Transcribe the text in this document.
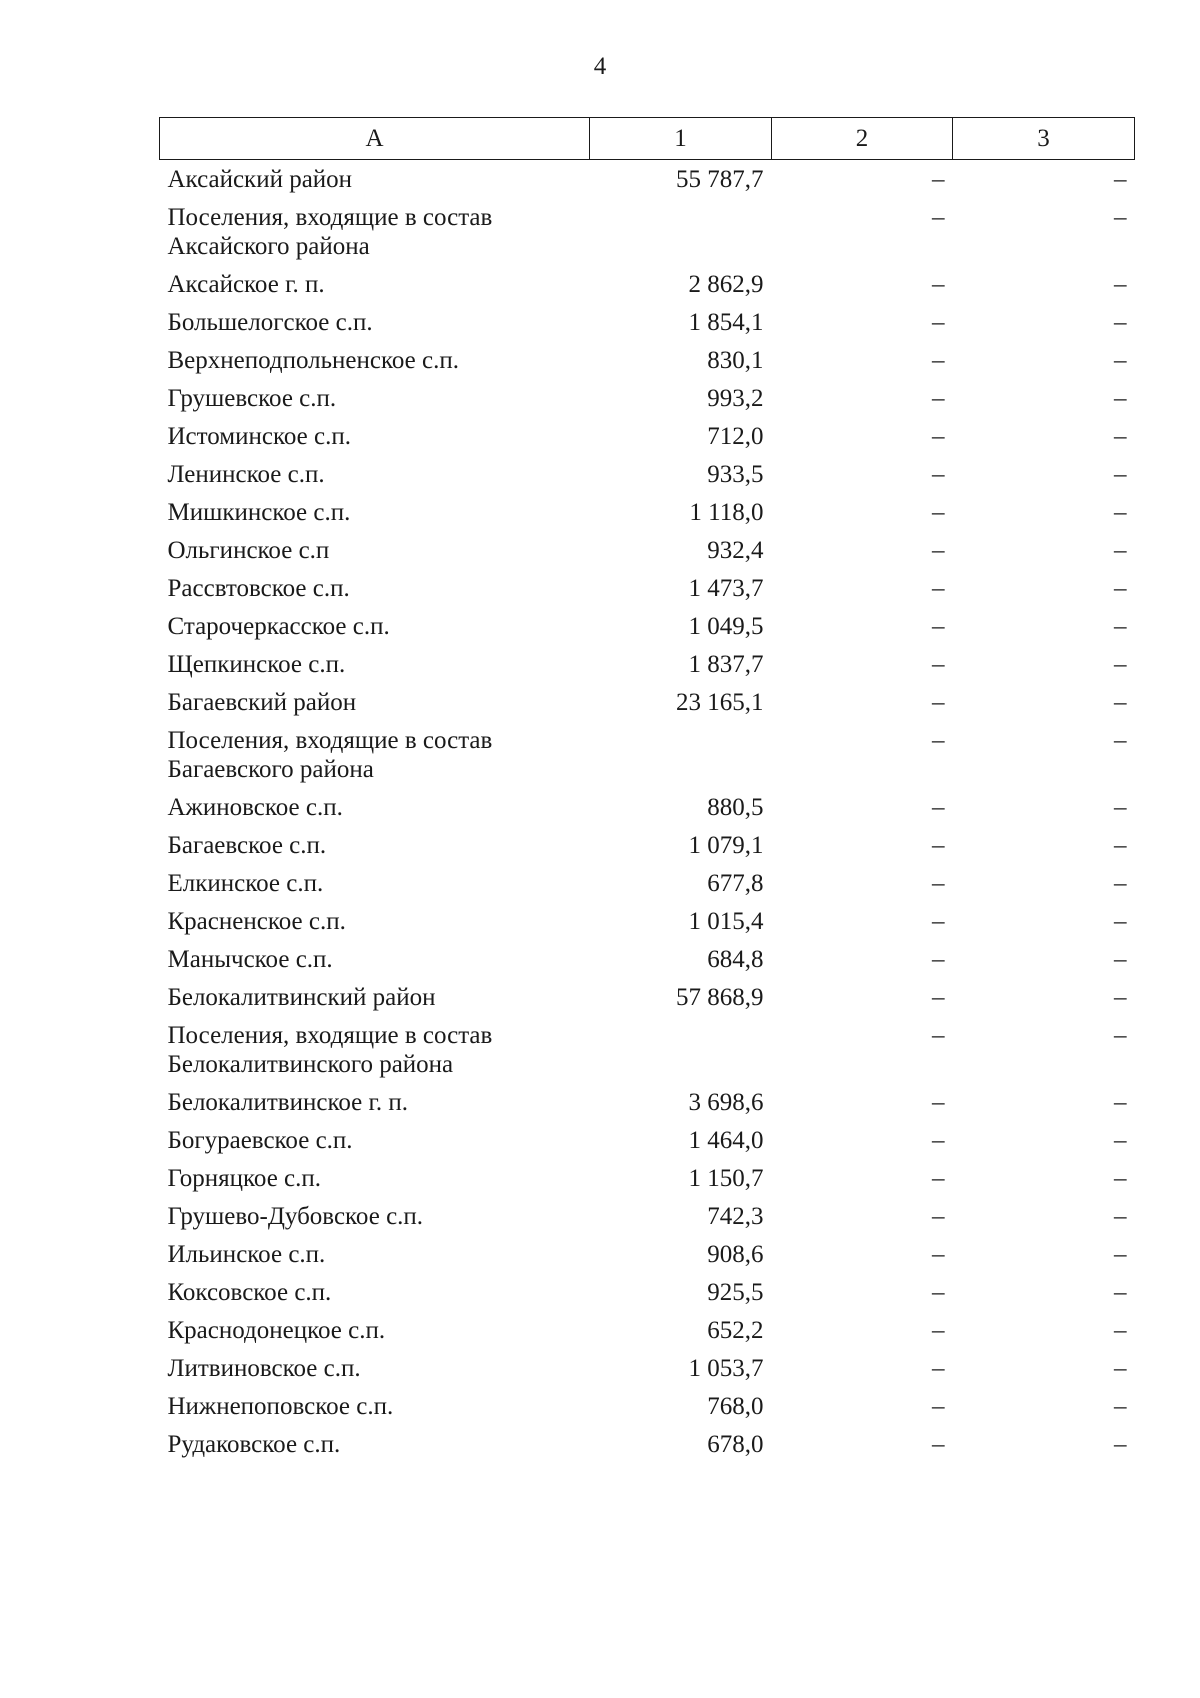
4
А	1	2	3
Аксайский район	55 787,7	–	–
Поселения, входящие в состав Аксайского района		–	–
Аксайское г. п.	2 862,9	–	–
Большелогское с.п.	1 854,1	–	–
Верхнеподпольненское с.п.	830,1	–	–
Грушевское с.п.	993,2	–	–
Истоминское с.п.	712,0	–	–
Ленинское с.п.	933,5	–	–
Мишкинское с.п.	1 118,0	–	–
Ольгинское с.п	932,4	–	–
Рассвтовское с.п.	1 473,7	–	–
Старочеркасское с.п.	1 049,5	–	–
Щепкинское с.п.	1 837,7	–	–
Багаевский район	23 165,1	–	–
Поселения, входящие в состав Багаевского района		–	–
Ажиновское с.п.	880,5	–	–
Багаевское с.п.	1 079,1	–	–
Елкинское с.п.	677,8	–	–
Красненское с.п.	1 015,4	–	–
Манычское с.п.	684,8	–	–
Белокалитвинский район	57 868,9	–	–
Поселения, входящие в состав Белокалитвинского района		–	–
Белокалитвинское г. п.	3 698,6	–	–
Богураевское с.п.	1 464,0	–	–
Горняцкое с.п.	1 150,7	–	–
Грушево-Дубовское с.п.	742,3	–	–
Ильинское с.п.	908,6	–	–
Коксовское с.п.	925,5	–	–
Краснодонецкое с.п.	652,2	–	–
Литвиновское с.п.	1 053,7	–	–
Нижнепоповское с.п.	768,0	–	–
Рудаковское с.п.	678,0	–	–
